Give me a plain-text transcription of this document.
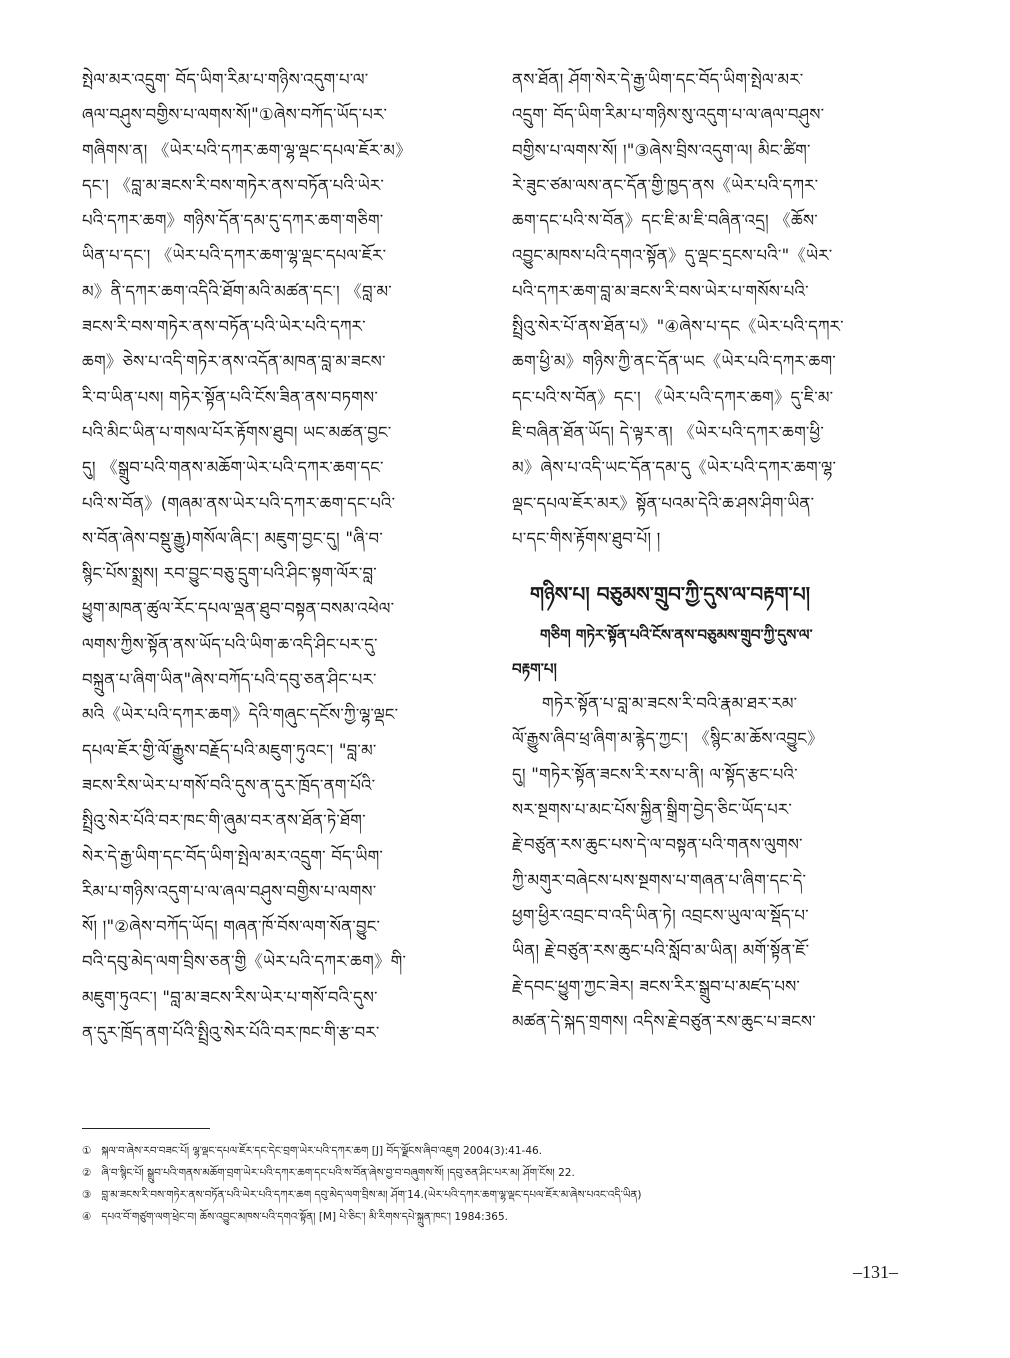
སྤེལ་མར་འདྲུག་ བོད་ཡིག་རིམ་པ་གཉིས་འདུག་པ་ལ་
ཞལ་བཤུས་བགྱིས་པ་ལགས་སོ།"①ཞེས་བཀོད་ཡོད་པར་
གཞིགས་ན། 《ཡེར་པའི་དཀར་ཆག་ལྷ་ལྡང་དཔལ་ཇོར་མ》
དང་། 《བླ་མ་ཟངས་རི་བས་གཏེར་ནས་བཏོན་པའི་ཡེར་
པའི་དཀར་ཆག》གཉིས་དོན་དམ་དུ་དཀར་ཆག་གཅིག་
ཡིན་པ་དང་། 《ཡེར་པའི་དཀར་ཆག་ལྷ་ལྡང་དཔལ་ཇོར་
མ》ནི་དཀར་ཆག་འདིའི་ཐོག་མའི་མཚན་དང་། 《བླ་མ་
ཟངས་རི་བས་གཏེར་ནས་བཏོན་པའི་ཡེར་པའི་དཀར་
ཆག》ཅེས་པ་འདི་གཏེར་ནས་འདོན་མཁན་བླ་མ་ཟངས་
རི་བ་ཡིན་པས། གཏེར་སྟོན་པའི་ངོས་ཟིན་ནས་བཏགས་
པའི་མིང་ཡིན་པ་གསལ་པོར་རྟོགས་ཐུབ། ཡང་མཚན་བྱང་
དུ། 《སྒྲུབ་པའི་གནས་མཆོག་ཡེར་པའི་དཀར་ཆག་དང་
པའི་ས་བོན》(གཞམ་ནས་ཡེར་པའི་དཀར་ཆག་དང་པའི་
ས་བོན་ཞེས་བསྡུ་རྒྱུ)གསོལ་ཞིང་། མཇུག་བྱང་དུ། "ཞི་བ་
སྙིང་པོས་སྨྲས། རབ་བྱུང་བཅུ་དྲུག་པའི་ཤིང་སྟག་ལོར་བླ་
ཕྱུག་མཁན་ཚུལ་རོང་དཔལ་ལྡན་ཐུབ་བསྟན་བསམ་འཕེལ་
ལགས་ཀྱིས་སྟོན་ནས་ཡོད་པའི་ཡིག་ཆ་འདི་ཤིང་པར་དུ་
བསྐྲུན་པ་ཞིག་ཡིན"ཞེས་བཀོད་པའི་དབུ་ཅན་ཤིང་པར་
མའི《ཡེར་པའི་དཀར་ཆག》དེའི་གཞུང་དངོས་ཀྱི་ལྷ་ལྡང་
དཔལ་ཇོར་གྱི་ལོ་རྒྱུས་བརྗོད་པའི་མཇུག་ཏུའང་། "བླ་མ་
ཟངས་རིས་ཡེར་པ་གསོ་བའི་དུས་ན་དུར་ཁྲོད་ནག་པོའི་
སྤྲིའུ་སེར་པོའི་བར་ཁང་གི་ཞུམ་བར་ནས་ཐོན་ཏེ་ཐོག་
སེར་དེ་རྒྱ་ཡིག་དང་བོད་ཡིག་སྤེལ་མར་འདྲུག་ བོད་ཡིག་
རིམ་པ་གཉིས་འདུག་པ་ལ་ཞལ་བཤུས་བགྱིས་པ་ལགས་
སོ། །"②ཞེས་བཀོད་ཡོད། གཞན་ཁོ་བོས་ལག་སོན་བྱུང་
བའི་དབུ་མེད་ལག་བྲིས་ཅན་གྱི《ཡེར་པའི་དཀར་ཆག》གི་
མཇུག་ཏུའང་། "བླ་མ་ཟངས་རིས་ཡེར་པ་གསོ་བའི་དུས་
ན་དུར་ཁྲོད་ནག་པོའི་སྤྲིའུ་སེར་པོའི་བར་ཁང་གི་རྩ་བར་
ནས་ཐོན། ཤོག་སེར་དེ་རྒྱ་ཡིག་དང་བོད་ཡིག་སྤེལ་མར་
འདྲུག་ བོད་ཡིག་རིམ་པ་གཉིས་སུ་འདུག་པ་ལ་ཞལ་བཤུས་
བགྱིས་པ་ལགས་སོ། །"③ཞེས་བྲིས་འདུག་ལ། མིང་ཚིག་
རེ་ཟུང་ཙམ་ལས་ནང་དོན་གྱི་ཁྱད་ནས《ཡེར་པའི་དཀར་
ཆག་དང་པའི་ས་བོན》དང་ཇི་མ་ཇི་བཞིན་འདྲ། 《ཆོས་
འབྱུང་མཁས་པའི་དགའ་སྟོན》དུ་ལྡང་དྲངས་པའི་"《ཡེར་
པའི་དཀར་ཆག་བླ་མ་ཟངས་རི་བས་ཡེར་པ་གསོས་པའི་
སྤྲིའུ་སེར་པོ་ནས་ཐོན་པ》"④ཞེས་པ་དང《ཡེར་པའི་དཀར་
ཆག་ཕྱི་མ》གཉིས་ཀྱི་ནང་དོན་ཡང《ཡེར་པའི་དཀར་ཆག་
དང་པའི་ས་བོན》དང་། 《ཡེར་པའི་དཀར་ཆག》དུ་ཇི་མ་
ཇི་བཞིན་ཐོན་ཡོད། དེ་ལྟར་ན། 《ཡེར་པའི་དཀར་ཆག་ཕྱི་
མ》ཞེས་པ་འདི་ཡང་དོན་དམ་དུ《ཡེར་པའི་དཀར་ཆག་ལྷ་
ལྡང་དཔལ་ཇོར་མར》སྟོན་པའམ་དེའི་ཆ་ཤས་ཤིག་ཡིན་
པ་དང་གིས་རྟོགས་ཐུབ་པོ། །
གཉིས་པ། བཅུམས་གྲུབ་ཀྱི་དུས་ལ་བརྟག་པ།
གཅིག གཏེར་སྟོན་པའི་ངོས་ནས་བཅུམས་གྲུབ་ཀྱི་དུས་ལ་
བརྟག་པ།
གཏེར་སྟོན་པ་བླ་མ་ཟངས་རི་བའི་རྣམ་ཐར་རམ་
ལོ་རྒྱུས་ཞིབ་ཕྲ་ཞིག་མ་རྙེད་ཀྱང་། 《སྙིང་མ་ཆོས་འབྱུང》
དུ། "གཏེར་སྟོན་ཟངས་རི་རས་པ་ནི། ལ་སྟོད་རྩང་པའི་
སར་སྔགས་པ་མང་པོས་སྐྱིན་སྒྲིག་བྱེད་ཅིང་ཡོད་པར་
རྗེ་བཙུན་རས་ཆུང་པས་དེ་ལ་བསྟན་པའི་གནས་ལུགས་
ཀྱི་མགུར་བཞེངས་པས་སྔགས་པ་གཞན་པ་ཞིག་དང་དེ་
ཕྱག་ཕྱིར་འབྲང་བ་འདི་ཡིན་ཏེ། འབྲངས་ཡུལ་ལ་སྡོད་པ་
ཡིན། རྗེ་བཙུན་རས་ཆུང་པའི་སློབ་མ་ཡིན། མགོ་སྟོན་ཇོ་
རྗེ་དབང་ཕྱུག་ཀྱང་ཟེར། ཟངས་རིར་སྒྲུབ་པ་མཛད་པས་
མཚན་དེ་སྐད་གྲགས། འདིས་རྗེ་བཙུན་རས་ཆུང་པ་ཟངས་
① སྐལ་བ་ཞེས་རབ་བཟང་པོ། ལྷ་ལྡང་དཔལ་ཇོར་དང་དེང་བྲག་ཡེར་པའི་དཀར་ཆག [J] བོད་ལྗོངས་ཞིབ་འཇུག 2004(3):41-46.
② ཞི་བ་སྙིང་པོ། སྒྲུབ་པའི་གནས་མཆོག་བྲག་ཡེར་པའི་དཀར་ཆག་དང་པའི་ས་བོན་ཞེས་བྱ་བ་བཞུགས་སོ། །དབུ་ཅན་ཤིང་པར་མ། ཤོག་ངོས། 22.
③ བླ་མ་ཟངས་རི་བས་གཏེར་ནས་བཏོན་པའི་ཡེར་པའི་དཀར་ཆག དབུ་མེད་ལག་བྲིས་མ། ཤོག་14.(ཡེར་པའི་དཀར་ཆག་ལྷ་ལྡང་དཔལ་ཇོར་མ་ཞེས་པའང་འདི་ཡིན)
④ དཔའ་བོ་གཙུག་ལག་ཕྲེང་བ། ཆོས་འབྱུང་མཁས་པའི་དགའ་སྟོན། [M] པེ་ཅིང་། མི་རིགས་དཔེ་སྐྲུན་ཁང་། 1984:365.
–131–
